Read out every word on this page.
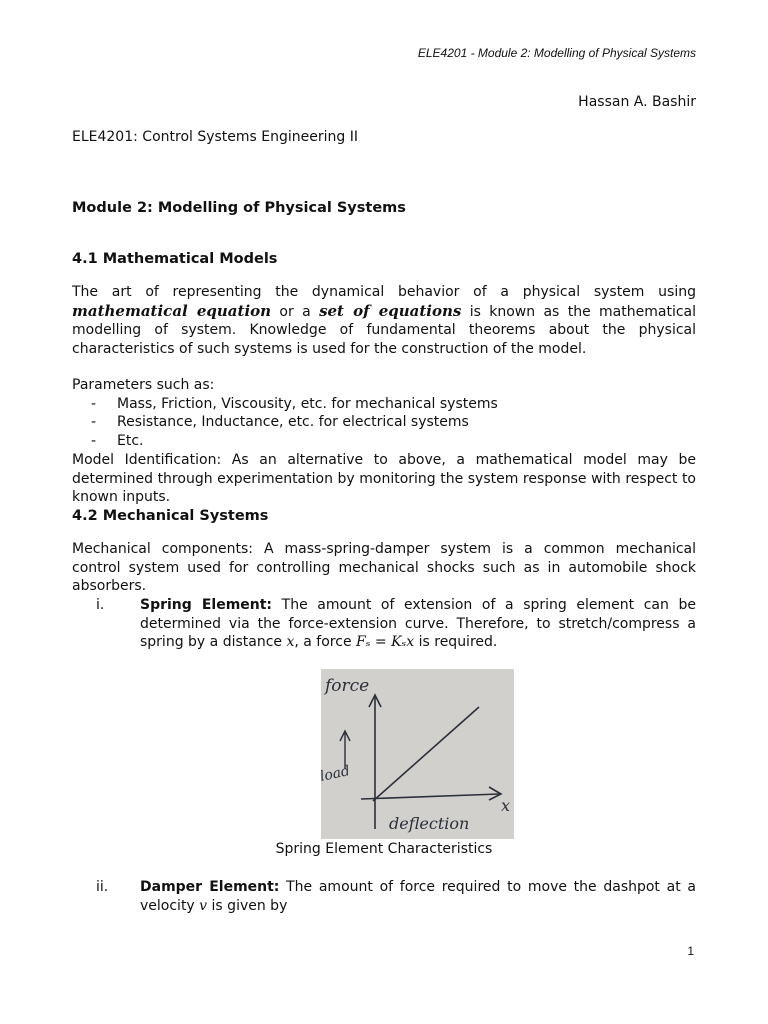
ELE4201 - Module 2: Modelling of Physical Systems
Hassan A. Bashir
ELE4201: Control Systems Engineering II
Module 2: Modelling of Physical Systems
4.1 Mathematical Models

The art of representing the dynamical behavior of a physical system using mathematical equation or a set of equations is known as the mathematical modelling of system. Knowledge of fundamental theorems about the physical characteristics of such systems is used for the construction of the model.

Parameters such as:
-	Mass, Friction, Viscousity, etc. for mechanical systems
-	Resistance, Inductance, etc. for electrical systems
-	Etc.

Model Identification: As an alternative to above, a mathematical model may be determined through experimentation by monitoring the system response with respect to known inputs.

4.2 Mechanical Systems

Mechanical components: A mass-spring-damper system is a common mechanical control system used for controlling mechanical shocks such as in automobile shock absorbers.

i.	Spring Element: The amount of extension of a spring element can be determined via the force-extension curve. Therefore, to stretch/compress a spring by a distance x, a force Fₛ = Kₛx is required.
force
load
deflection
x
Spring Element Characteristics
ii.	Damper Element: The amount of force required to move the dashpot at a velocity v is given by
1
